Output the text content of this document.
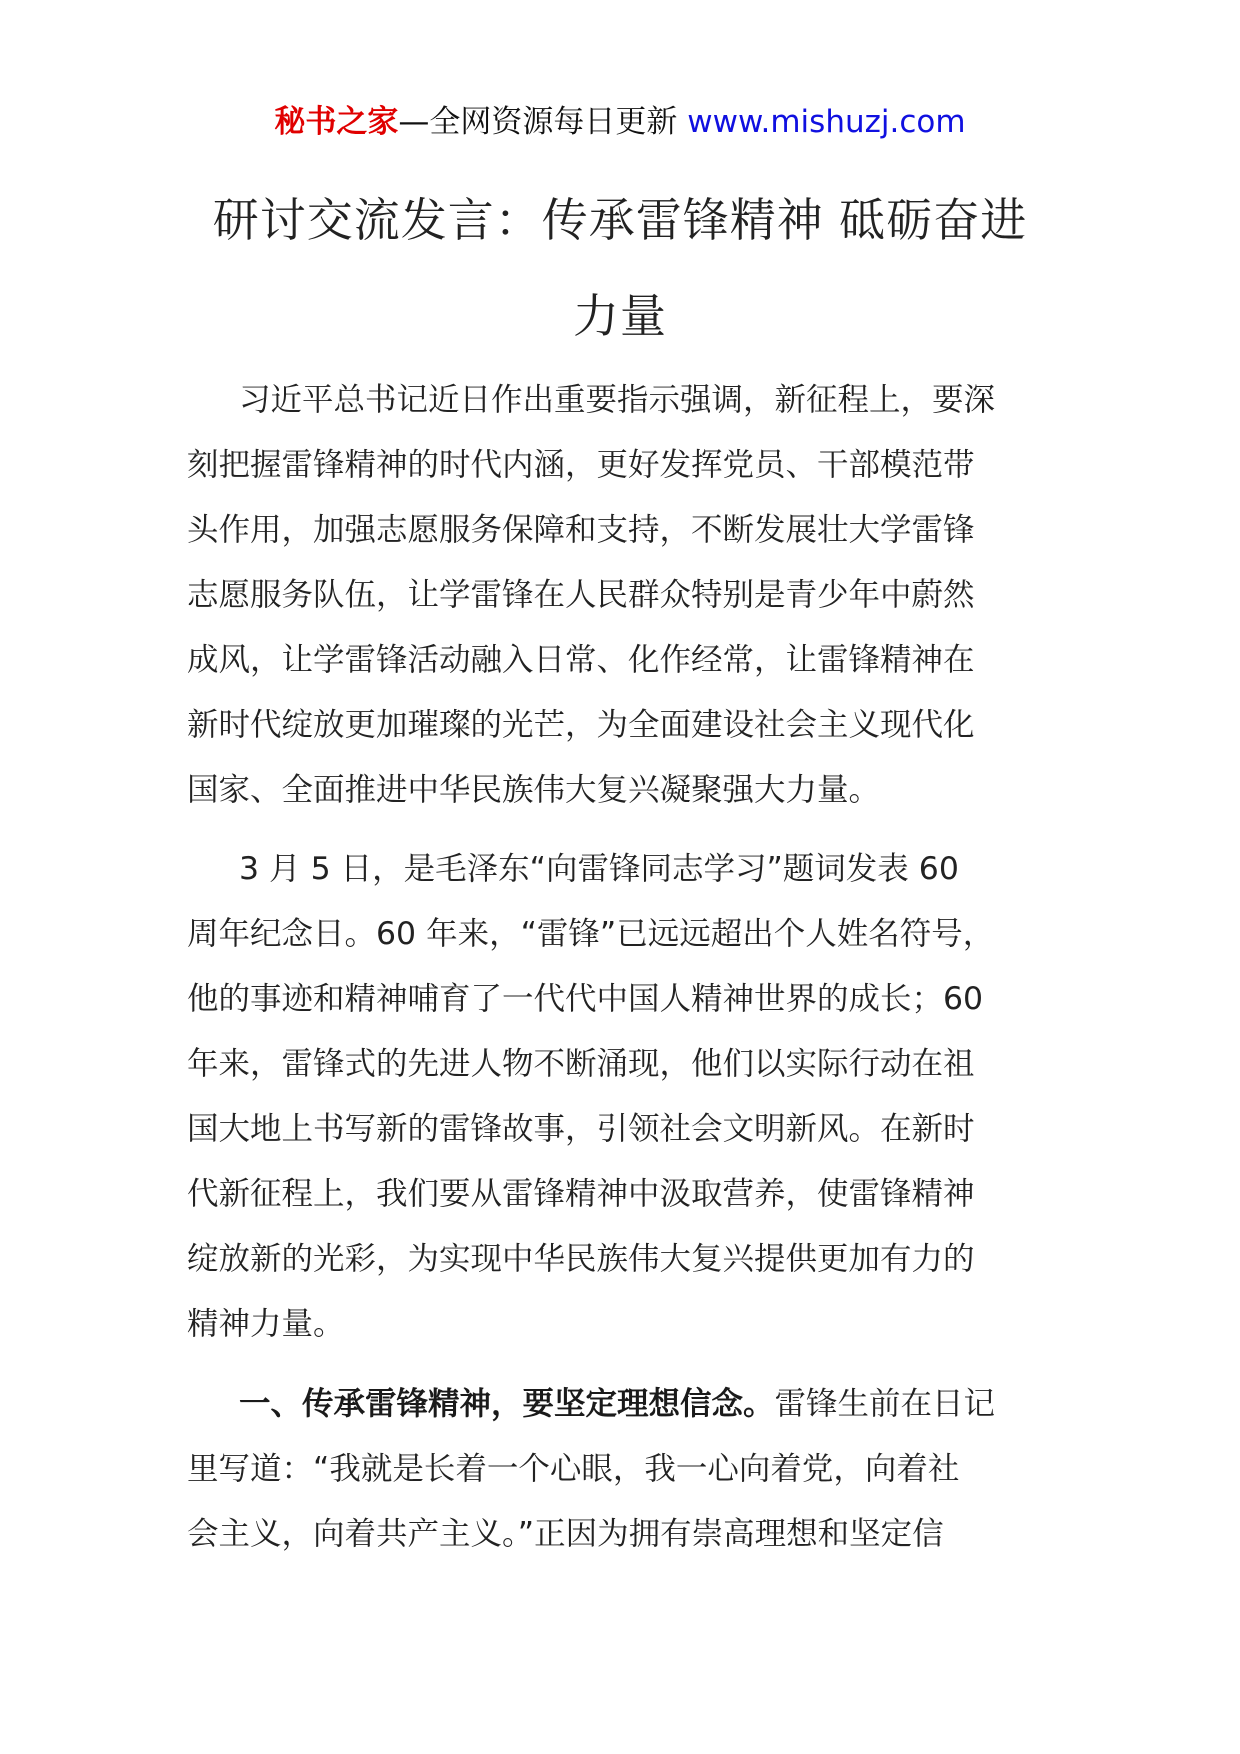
秘书之家—全网资源每日更新 www.mishuzj.com
研讨交流发言：传承雷锋精神 砥砺奋进
力量
习近平总书记近日作出重要指示强调，新征程上，要深
刻把握雷锋精神的时代内涵，更好发挥党员、干部模范带
头作用，加强志愿服务保障和支持，不断发展壮大学雷锋
志愿服务队伍，让学雷锋在人民群众特别是青少年中蔚然
成风，让学雷锋活动融入日常、化作经常，让雷锋精神在
新时代绽放更加璀璨的光芒，为全面建设社会主义现代化
国家、全面推进中华民族伟大复兴凝聚强大力量。
3 月 5 日，是毛泽东“向雷锋同志学习”题词发表 60
周年纪念日。60 年来，“雷锋”已远远超出个人姓名符号，
他的事迹和精神哺育了一代代中国人精神世界的成长；60
年来，雷锋式的先进人物不断涌现，他们以实际行动在祖
国大地上书写新的雷锋故事，引领社会文明新风。在新时
代新征程上，我们要从雷锋精神中汲取营养，使雷锋精神
绽放新的光彩，为实现中华民族伟大复兴提供更加有力的
精神力量。
一、传承雷锋精神，要坚定理想信念。雷锋生前在日记
里写道：“我就是长着一个心眼，我一心向着党，向着社
会主义，向着共产主义。”正因为拥有崇高理想和坚定信
